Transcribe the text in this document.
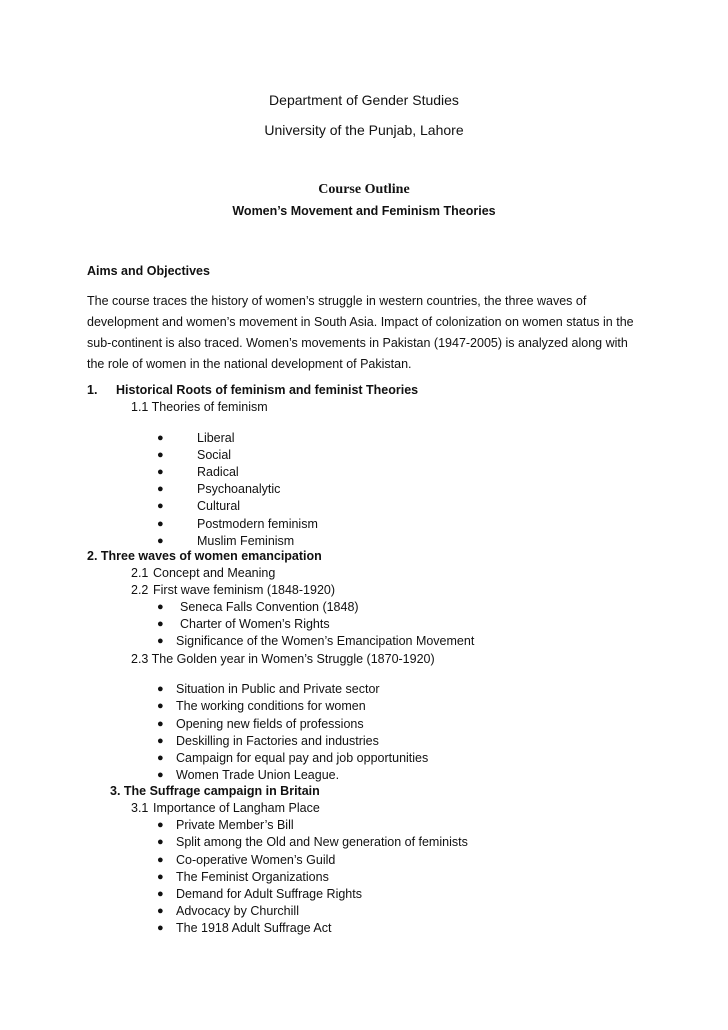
Department of Gender Studies
University of the Punjab, Lahore
Course Outline
Women’s Movement and Feminism Theories
Aims and Objectives
The course traces the history of women’s struggle in western countries, the three waves of development and women’s movement in South Asia. Impact of colonization on women status in the sub-continent is also traced. Women’s movements in Pakistan (1947-2005) is analyzed along with the role of women in the national development of Pakistan.
1. Historical Roots of feminism and feminist Theories
1.1 Theories of feminism
●	Liberal
●	Social
●	Radical
●	Psychoanalytic
●	Cultural
●	Postmodern feminism
●	Muslim Feminism
2. Three waves of women emancipation
2.1 Concept and Meaning
2.2 First wave feminism (1848-1920)
● Seneca Falls Convention (1848)
● Charter of Women’s Rights
● Significance of the Women’s Emancipation Movement
2.3 The Golden year in Women’s Struggle (1870-1920)
● Situation in Public and Private sector
● The working conditions for women
● Opening new fields of professions
● Deskilling in Factories and industries
● Campaign for equal pay and job opportunities
● Women Trade Union League.
3. The Suffrage campaign in Britain
3.1 Importance of Langham Place
● Private Member’s Bill
● Split among the Old and New generation of feminists
● Co-operative Women’s Guild
● The Feminist Organizations
● Demand for Adult Suffrage Rights
● Advocacy by Churchill
● The 1918 Adult Suffrage Act
